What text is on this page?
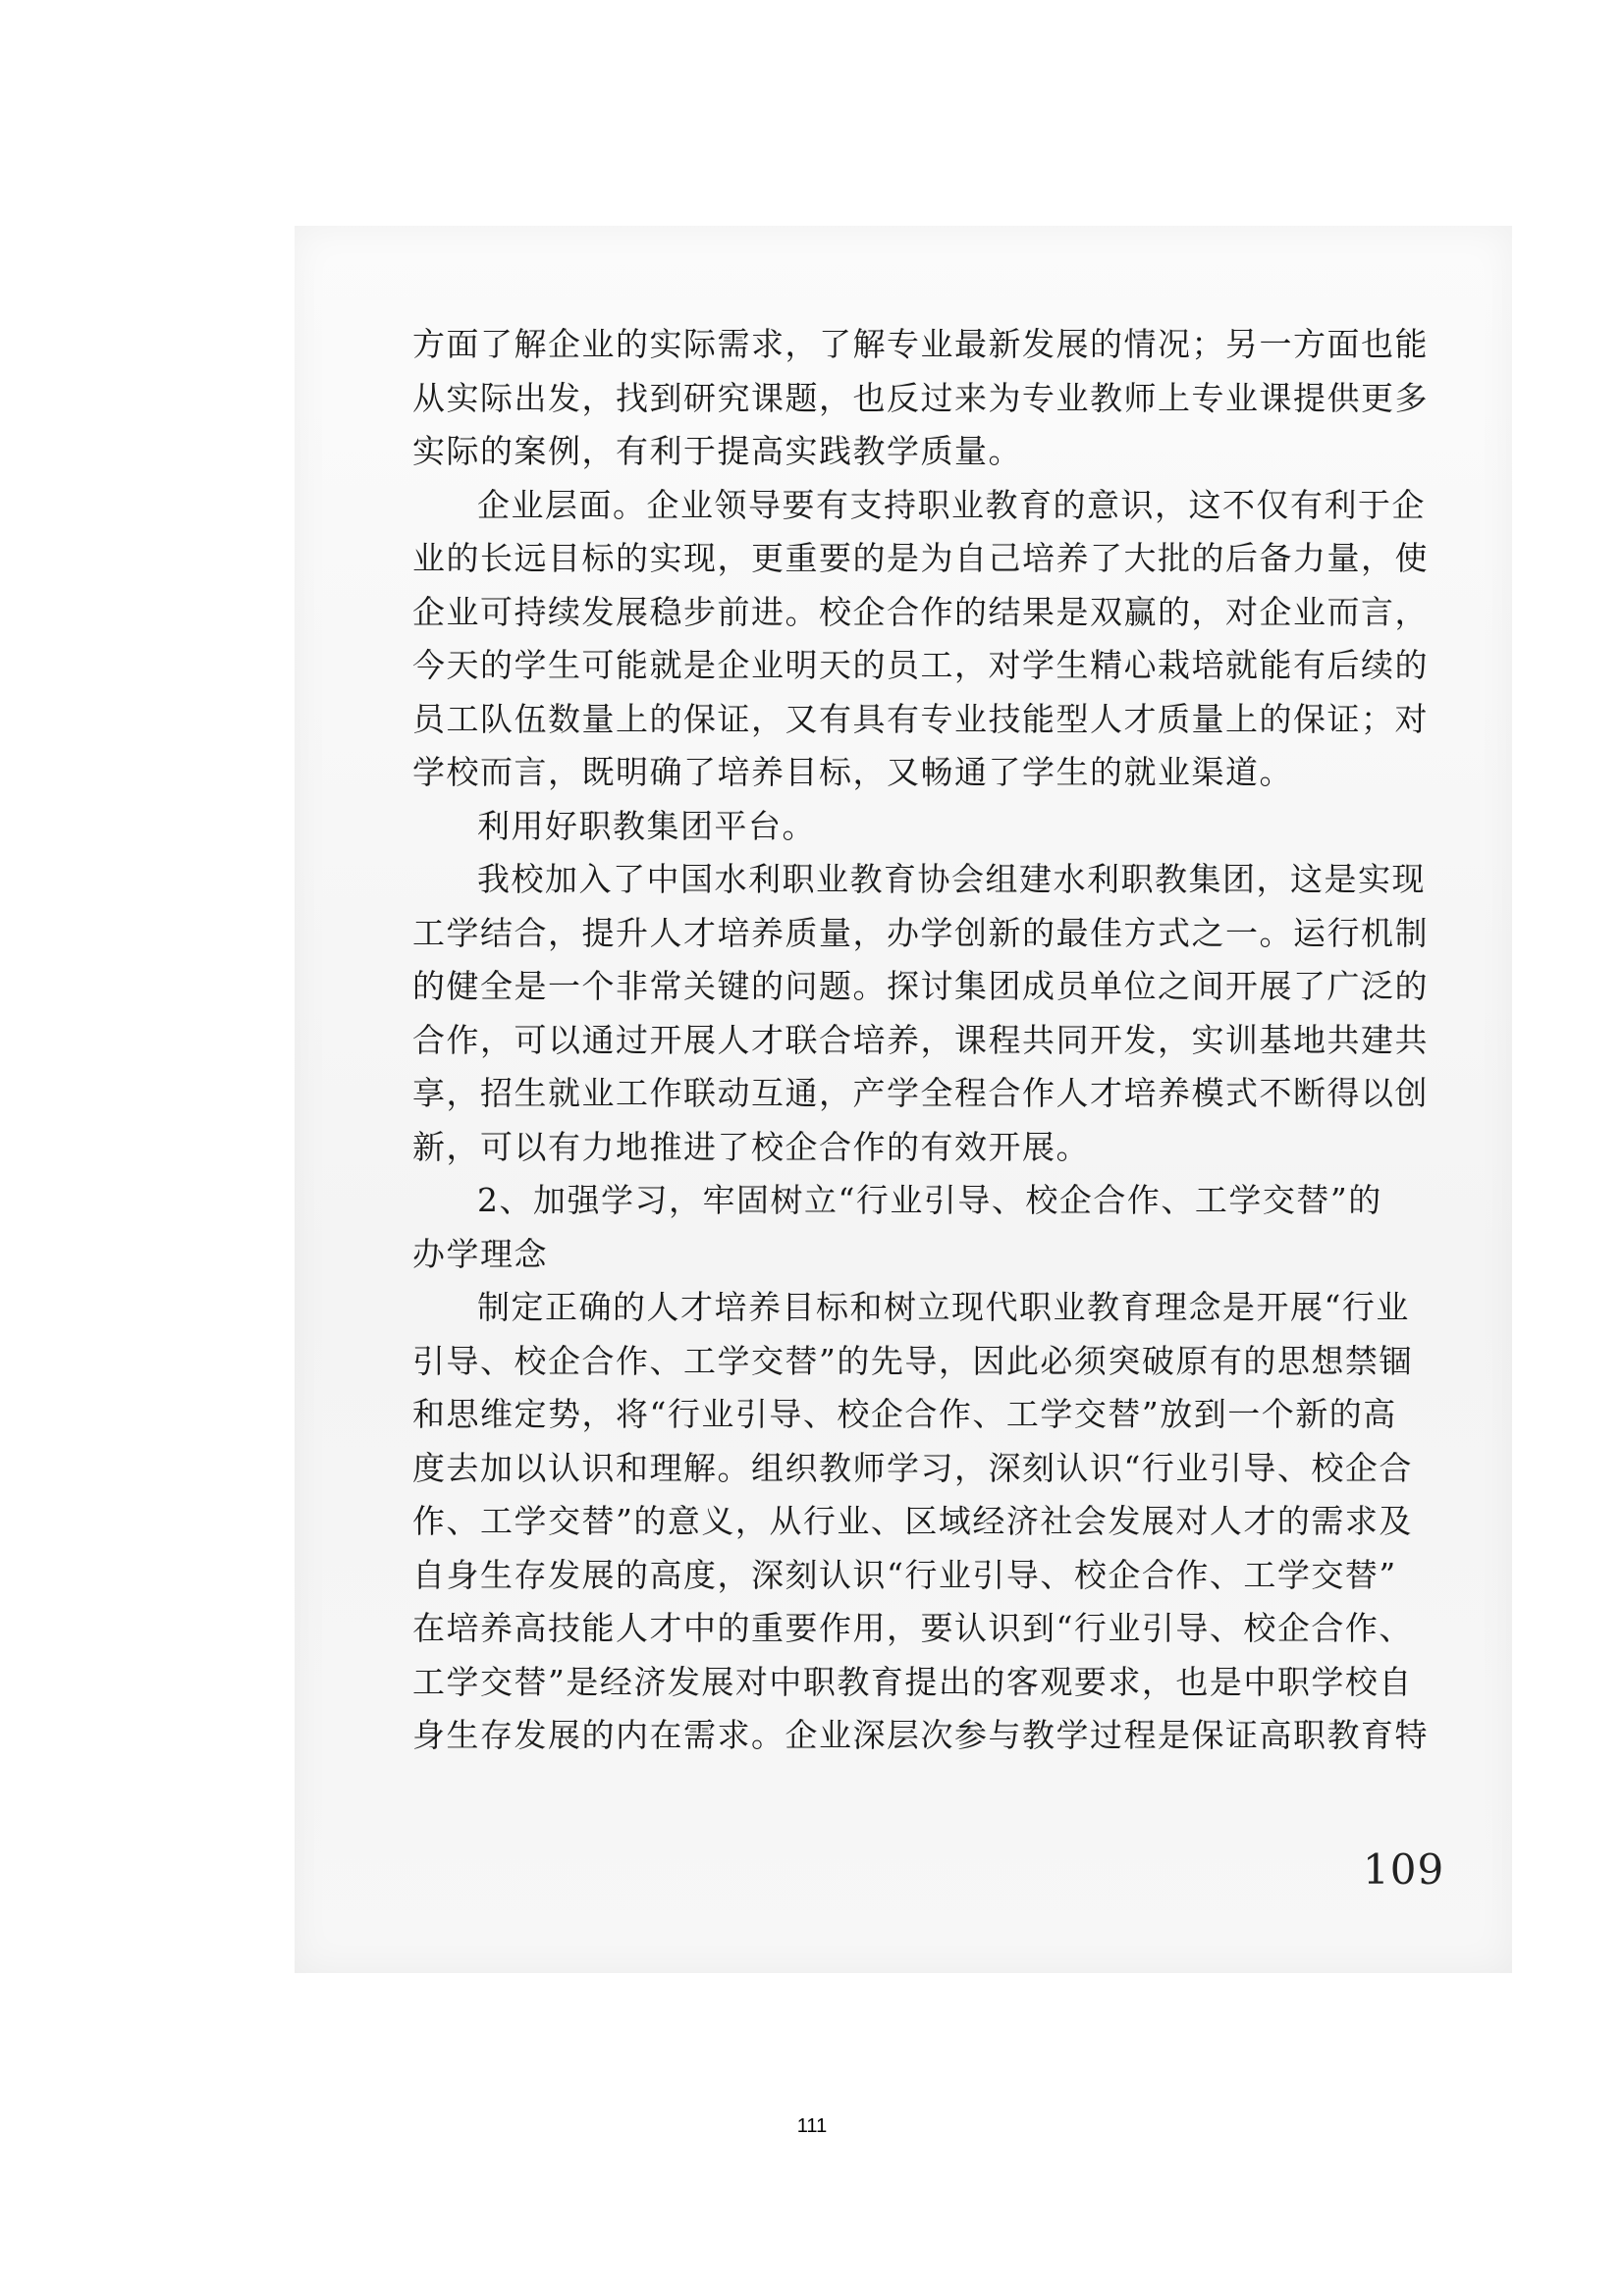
方面了解企业的实际需求，了解专业最新发展的情况；另一方面也能
从实际出发，找到研究课题，也反过来为专业教师上专业课提供更多
实际的案例，有利于提高实践教学质量。
企业层面。企业领导要有支持职业教育的意识，这不仅有利于企
业的长远目标的实现，更重要的是为自己培养了大批的后备力量，使
企业可持续发展稳步前进。校企合作的结果是双赢的，对企业而言，
今天的学生可能就是企业明天的员工，对学生精心栽培就能有后续的
员工队伍数量上的保证，又有具有专业技能型人才质量上的保证；对
学校而言，既明确了培养目标，又畅通了学生的就业渠道。
利用好职教集团平台。
我校加入了中国水利职业教育协会组建水利职教集团，这是实现
工学结合，提升人才培养质量，办学创新的最佳方式之一。运行机制
的健全是一个非常关键的问题。探讨集团成员单位之间开展了广泛的
合作，可以通过开展人才联合培养，课程共同开发，实训基地共建共
享，招生就业工作联动互通，产学全程合作人才培养模式不断得以创
新，可以有力地推进了校企合作的有效开展。
2、加强学习，牢固树立“行业引导、校企合作、工学交替”的
办学理念
制定正确的人才培养目标和树立现代职业教育理念是开展“行业
引导、校企合作、工学交替”的先导，因此必须突破原有的思想禁锢
和思维定势，将“行业引导、校企合作、工学交替”放到一个新的高
度去加以认识和理解。组织教师学习，深刻认识“行业引导、校企合
作、工学交替”的意义，从行业、区域经济社会发展对人才的需求及
自身生存发展的高度，深刻认识“行业引导、校企合作、工学交替”
在培养高技能人才中的重要作用，要认识到“行业引导、校企合作、
工学交替”是经济发展对中职教育提出的客观要求，也是中职学校自
身生存发展的内在需求。企业深层次参与教学过程是保证高职教育特
109
111
